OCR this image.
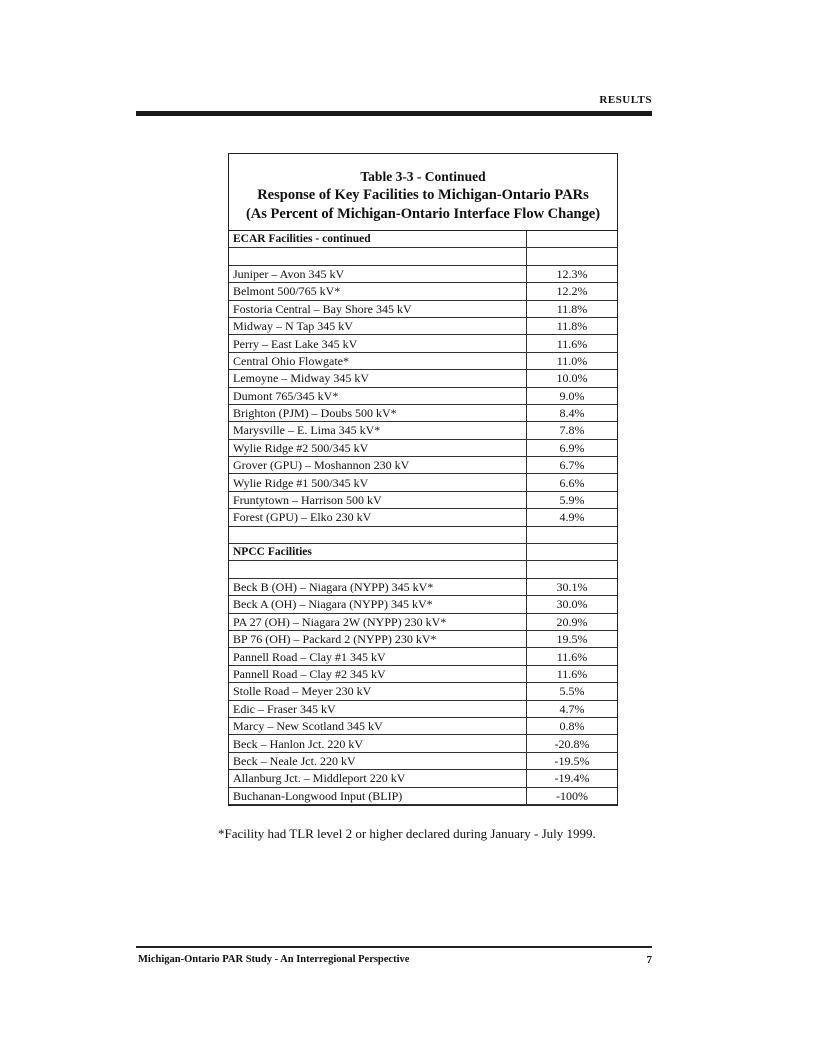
RESULTS
Table 3-3 - Continued
Response of Key Facilities to Michigan-Ontario PARs
(As Percent of Michigan-Ontario Interface Flow Change)
ECAR Facilities - continued	

Juniper – Avon 345 kV	12.3%
Belmont 500/765 kV*	12.2%
Fostoria Central – Bay Shore 345 kV	11.8%
Midway – N Tap 345 kV	11.8%
Perry – East Lake 345 kV	11.6%
Central Ohio Flowgate*	11.0%
Lemoyne – Midway 345 kV	10.0%
Dumont 765/345 kV*	9.0%
Brighton (PJM) – Doubs 500 kV*	8.4%
Marysville – E. Lima 345 kV*	7.8%
Wylie Ridge #2 500/345 kV	6.9%
Grover (GPU) – Moshannon 230 kV	6.7%
Wylie Ridge #1 500/345 kV	6.6%
Fruntytown – Harrison 500 kV	5.9%
Forest (GPU) – Elko 230 kV	4.9%

NPCC Facilities	

Beck B (OH) – Niagara (NYPP) 345 kV*	30.1%
Beck A (OH) – Niagara (NYPP) 345 kV*	30.0%
PA 27 (OH) – Niagara 2W (NYPP) 230 kV*	20.9%
BP 76 (OH) – Packard 2 (NYPP) 230 kV*	19.5%
Pannell Road – Clay #1 345 kV	11.6%
Pannell Road – Clay #2 345 kV	11.6%
Stolle Road – Meyer 230 kV	5.5%
Edic – Fraser 345 kV	4.7%
Marcy – New Scotland 345 kV	0.8%
Beck – Hanlon Jct. 220 kV	-20.8%
Beck – Neale Jct. 220 kV	-19.5%
Allanburg Jct. – Middleport 220 kV	-19.4%
Buchanan-Longwood Input (BLIP)	-100%
*Facility had TLR level 2 or higher declared during January - July 1999.
Michigan-Ontario PAR Study - An Interregional Perspective	7
